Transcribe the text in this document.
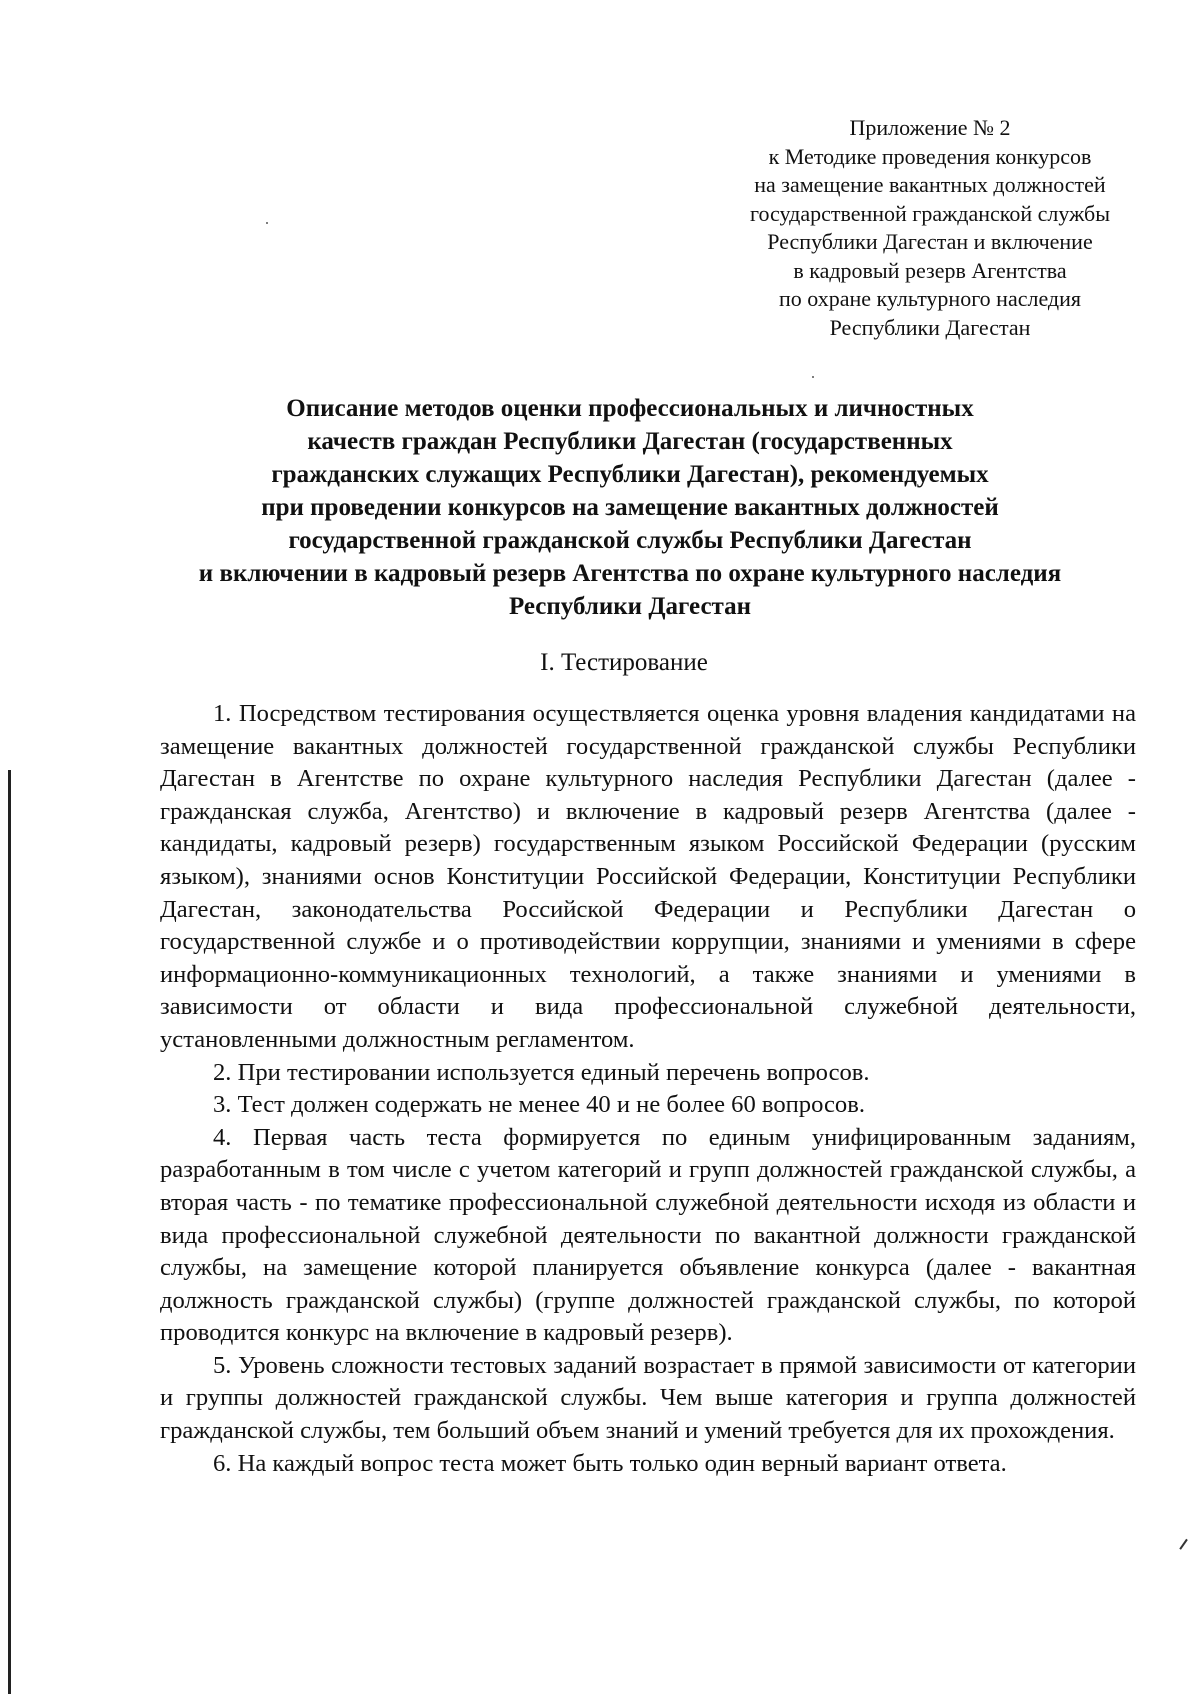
Приложение № 2
к Методике проведения конкурсов
на замещение вакантных должностей
государственной гражданской службы
Республики Дагестан и включение
в кадровый резерв Агентства
по охране культурного наследия
Республики Дагестан
Описание методов оценки профессиональных и личностных
качеств граждан Республики Дагестан (государственных
гражданских служащих Республики Дагестан), рекомендуемых
при проведении конкурсов на замещение вакантных должностей
государственной гражданской службы Республики Дагестан
и включении в кадровый резерв Агентства по охране культурного наследия
Республики Дагестан
I. Тестирование

1. Посредством тестирования осуществляется оценка уровня владения кандидатами на замещение вакантных должностей государственной гражданской службы Республики Дагестан в Агентстве по охране культурного наследия Республики Дагестан (далее - гражданская служба, Агентство) и включение в кадровый резерв Агентства (далее - кандидаты, кадровый резерв) государственным языком Российской Федерации (русским языком), знаниями основ Конституции Российской Федерации, Конституции Республики Дагестан, законодательства Российской Федерации и Республики Дагестан о государственной службе и о противодействии коррупции, знаниями и умениями в сфере информационно-коммуникационных технологий, а также знаниями и умениями в зависимости от области и вида профессиональной служебной деятельности, установленными должностным регламентом.

2. При тестировании используется единый перечень вопросов.

3. Тест должен содержать не менее 40 и не более 60 вопросов.

4. Первая часть теста формируется по единым унифицированным заданиям, разработанным в том числе с учетом категорий и групп должностей гражданской службы, а вторая часть - по тематике профессиональной служебной деятельности исходя из области и вида профессиональной служебной деятельности по вакантной должности гражданской службы, на замещение которой планируется объявление конкурса (далее - вакантная должность гражданской службы) (группе должностей гражданской службы, по которой проводится конкурс на включение в кадровый резерв).

5. Уровень сложности тестовых заданий возрастает в прямой зависимости от категории и группы должностей гражданской службы. Чем выше категория и группа должностей гражданской службы, тем больший объем знаний и умений требуется для их прохождения.

6. На каждый вопрос теста может быть только один верный вариант ответа.
